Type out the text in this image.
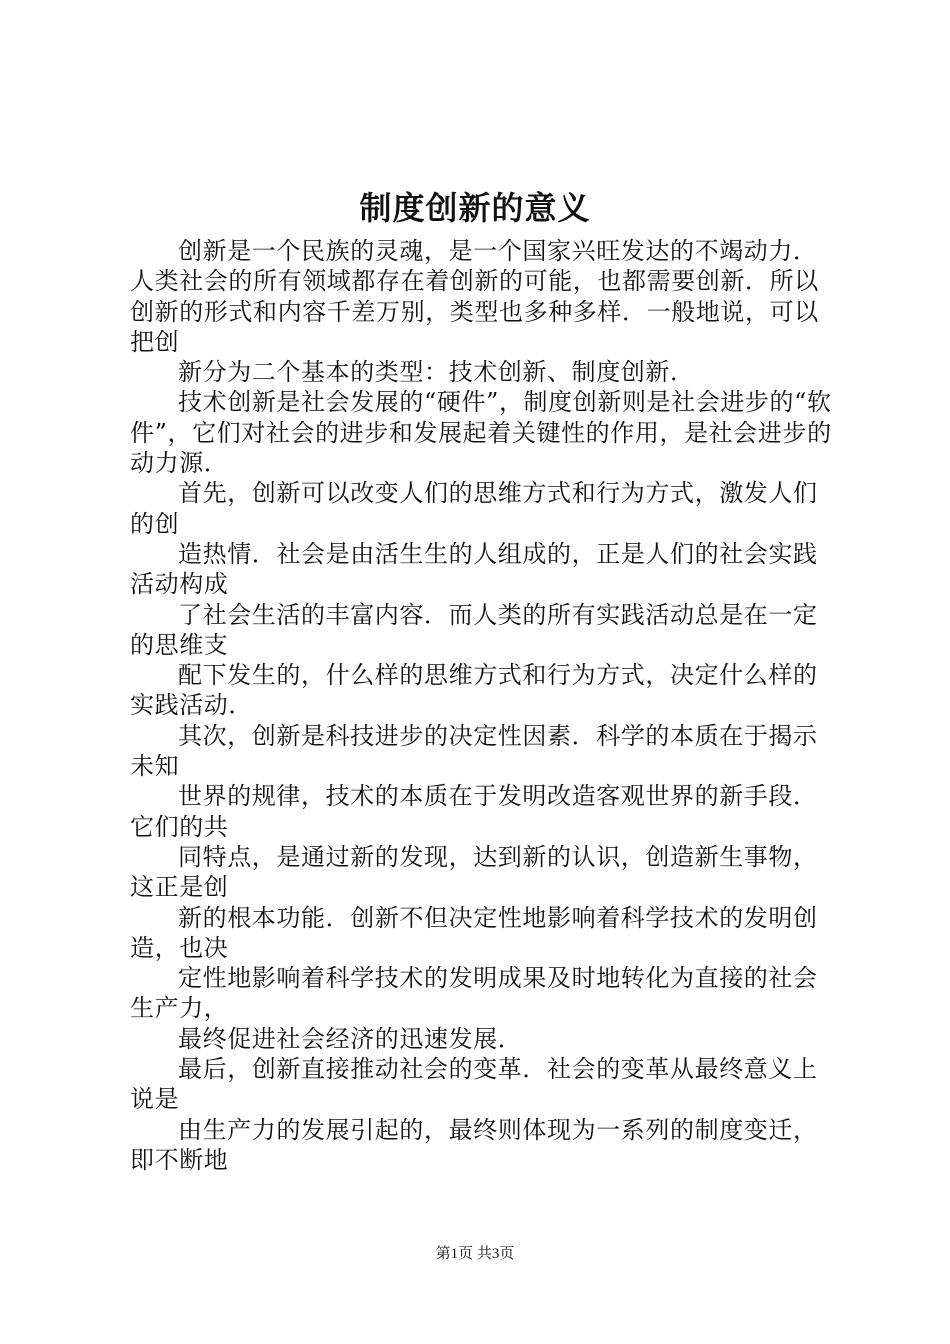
制度创新的意义

创新是一个民族的灵魂，是一个国家兴旺发达的不竭动力．人类社会的所有领域都存在着创新的可能，也都需要创新．所以创新的形式和内容千差万别，类型也多种多样．一般地说，可以把创

新分为二个基本的类型：技术创新、制度创新．

技术创新是社会发展的“硬件”，制度创新则是社会进步的“软件”，它们对社会的进步和发展起着关键性的作用，是社会进步的动力源．

首先，创新可以改变人们的思维方式和行为方式，激发人们的创

造热情．社会是由活生生的人组成的，正是人们的社会实践活动构成

了社会生活的丰富内容．而人类的所有实践活动总是在一定的思维支

配下发生的，什么样的思维方式和行为方式，决定什么样的实践活动．

其次，创新是科技进步的决定性因素．科学的本质在于揭示未知

世界的规律，技术的本质在于发明改造客观世界的新手段．它们的共

同特点，是通过新的发现，达到新的认识，创造新生事物，这正是创

新的根本功能．创新不但决定性地影响着科学技术的发明创造，也决

定性地影响着科学技术的发明成果及时地转化为直接的社会生产力，

最终促进社会经济的迅速发展．

最后，创新直接推动社会的变革．社会的变革从最终意义上说是

由生产力的发展引起的，最终则体现为一系列的制度变迁，即不断地

第1页 共3页
